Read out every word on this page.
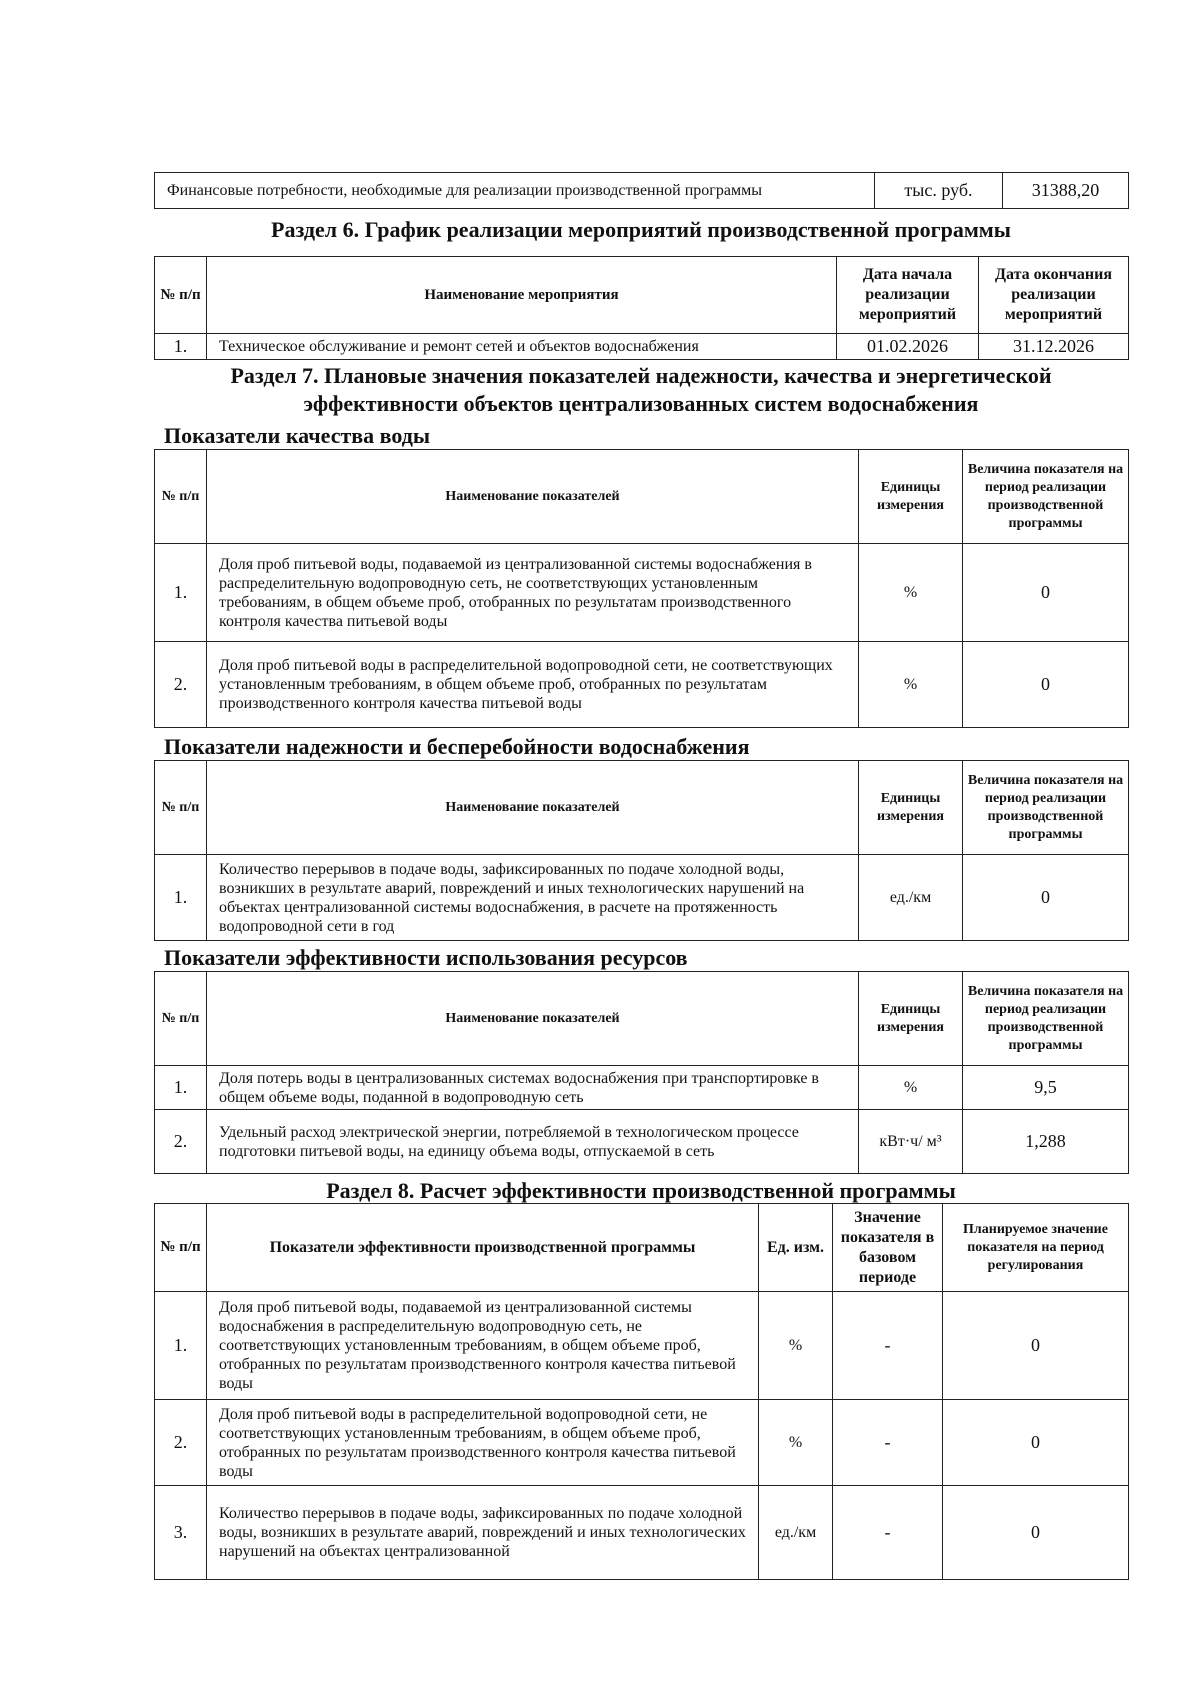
Финансовые потребности, необходимые для реализации производственной программы	тыс. руб.	31388,20
Раздел 6. График реализации мероприятий производственной программы
№ п/п	Наименование мероприятия	Дата начала реализации мероприятий	Дата окончания реализации мероприятий
1.	Техническое обслуживание и ремонт сетей и объектов водоснабжения	01.02.2026	31.12.2026
Раздел 7. Плановые значения показателей надежности, качества и энергетической
эффективности объектов централизованных систем водоснабжения
Показатели качества воды
№ п/п	Наименование показателей	Единицы измерения	Величина показателя на период реализации производственной программы
1.	Доля проб питьевой воды, подаваемой из централизованной системы водоснабжения в распределительную водопроводную сеть, не соответствующих установленным требованиям, в общем объеме проб, отобранных по результатам производственного контроля качества питьевой воды	%	0
2.	Доля проб питьевой воды в распределительной водопроводной сети, не соответствующих установленным требованиям, в общем объеме проб, отобранных по результатам производственного контроля качества питьевой воды	%	0
Показатели надежности и бесперебойности водоснабжения
№ п/п	Наименование показателей	Единицы измерения	Величина показателя на период реализации производственной программы
1.	Количество перерывов в подаче воды, зафиксированных по подаче холодной воды, возникших в результате аварий, повреждений и иных технологических нарушений на объектах централизованной системы водоснабжения, в расчете на протяженность водопроводной сети в год	ед./км	0
Показатели эффективности использования ресурсов
№ п/п	Наименование показателей	Единицы измерения	Величина показателя на период реализации производственной программы
1.	Доля потерь воды в централизованных системах водоснабжения при транспортировке в общем объеме воды, поданной в водопроводную сеть	%	9,5
2.	Удельный расход электрической энергии, потребляемой в технологическом процессе подготовки питьевой воды, на единицу объема воды, отпускаемой в сеть	кВт·ч/ м³	1,288
Раздел 8. Расчет эффективности производственной программы
№ п/п	Показатели эффективности производственной программы	Ед. изм.	Значение показателя в базовом периоде	Планируемое значение показателя на период регулирования
1.	Доля проб питьевой воды, подаваемой из централизованной системы водоснабжения в распределительную водопроводную сеть, не соответствующих установленным требованиям, в общем объеме проб, отобранных по результатам производственного контроля качества питьевой воды	%	-	0
2.	Доля проб питьевой воды в распределительной водопроводной сети, не соответствующих установленным требованиям, в общем объеме проб, отобранных по результатам производственного контроля качества питьевой воды	%	-	0
3.	Количество перерывов в подаче воды, зафиксированных по подаче холодной воды, возникших в результате аварий, повреждений и иных технологических нарушений на объектах централизованной	ед./км	-	0
